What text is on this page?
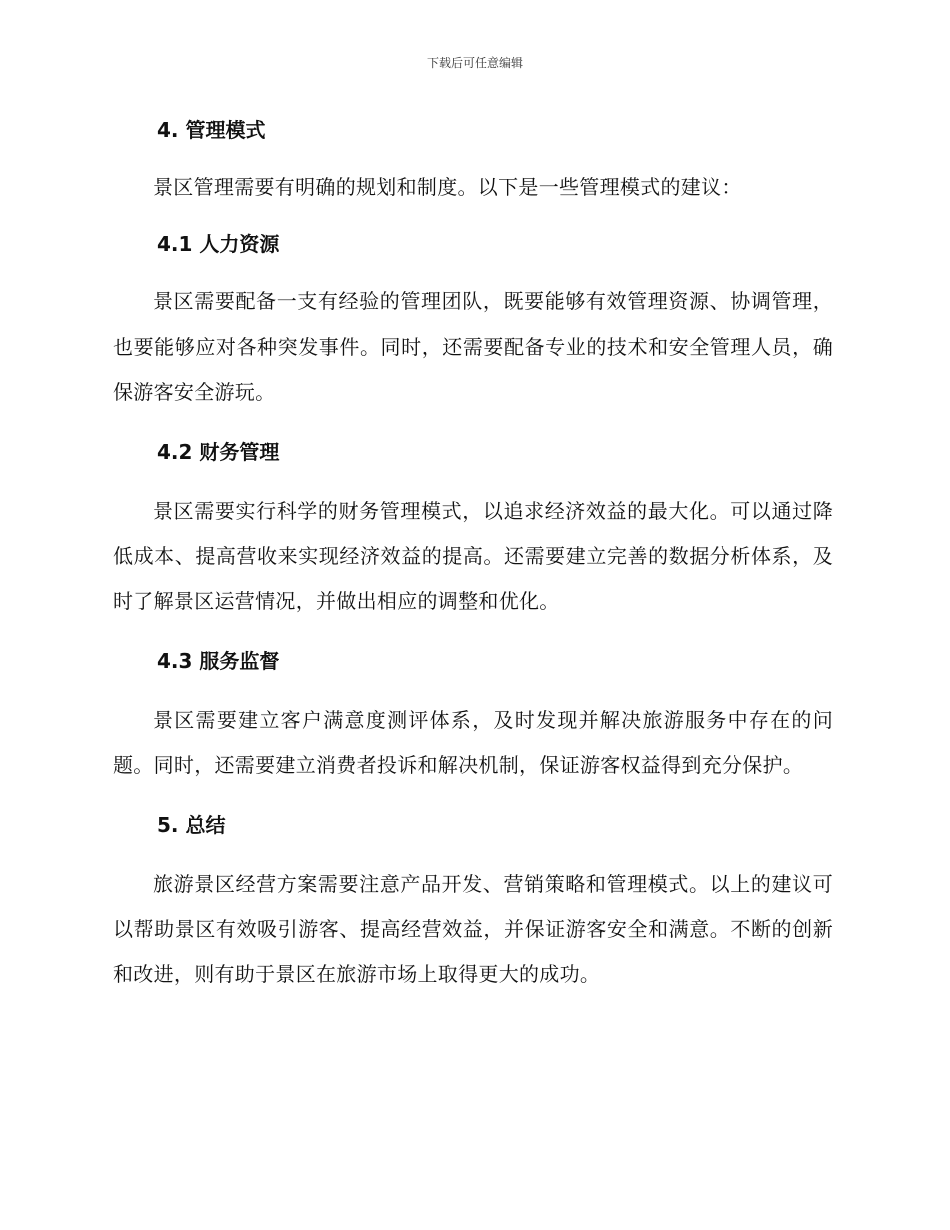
下载后可任意编辑
4. 管理模式

景区管理需要有明确的规划和制度。以下是一些管理模式的建议：

4.1 人力资源

景区需要配备一支有经验的管理团队，既要能够有效管理资源、协调管理，也要能够应对各种突发事件。同时，还需要配备专业的技术和安全管理人员，确保游客安全游玩。

4.2 财务管理

景区需要实行科学的财务管理模式，以追求经济效益的最大化。可以通过降低成本、提高营收来实现经济效益的提高。还需要建立完善的数据分析体系，及时了解景区运营情况，并做出相应的调整和优化。

4.3 服务监督

景区需要建立客户满意度测评体系，及时发现并解决旅游服务中存在的问题。同时，还需要建立消费者投诉和解决机制，保证游客权益得到充分保护。

5. 总结

旅游景区经营方案需要注意产品开发、营销策略和管理模式。以上的建议可以帮助景区有效吸引游客、提高经营效益，并保证游客安全和满意。不断的创新和改进，则有助于景区在旅游市场上取得更大的成功。
